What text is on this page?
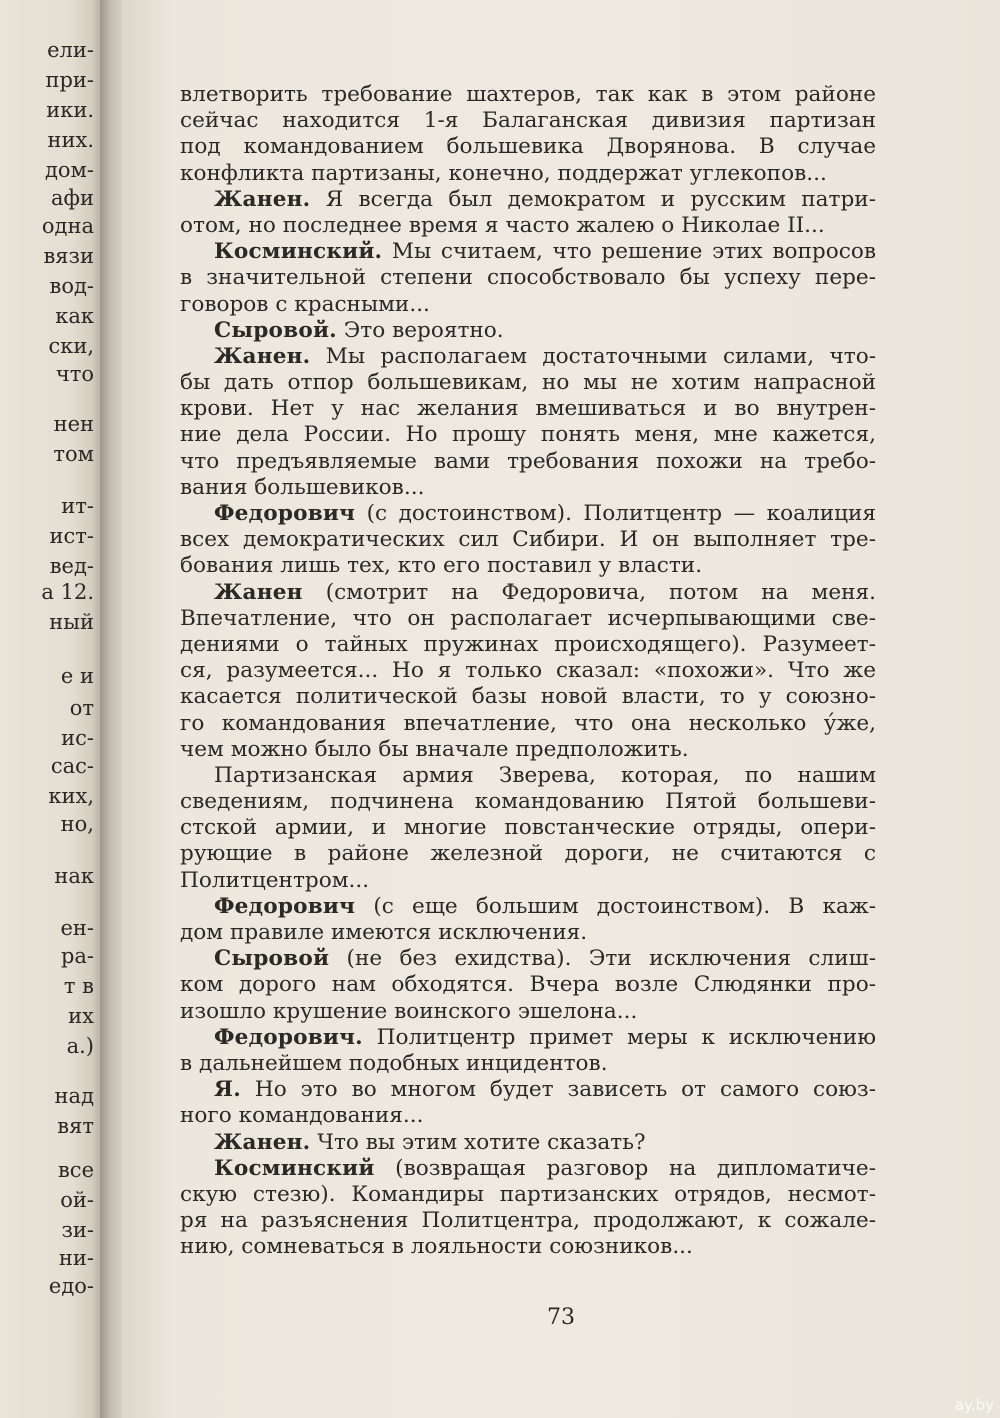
ели-
при-
ики.
них.
дом-
афи
одна
вязи
вод-
как
ски,
что
нен
том
ит-
ист-
вед-
а 12.
ный
е и
от
ис-
сас-
ких,
но,
нак
ен-
ра-
т в
их
а.)
над
вят
все
ой-
зи-
ни-
едо-
влетворить требование шахтеров, так как в этом районе
сейчас находится 1-я Балаганская дивизия партизан
под командованием большевика Дворянова. В случае
конфликта партизаны, конечно, поддержат углекопов...
Жанен. Я всегда был демократом и русским патри-
отом, но последнее время я часто жалею о Николае II...
Косминский. Мы считаем, что решение этих вопросов
в значительной степени способствовало бы успеху пере-
говоров с красными...
Сыровой. Это вероятно.
Жанен. Мы располагаем достаточными силами, что-
бы дать отпор большевикам, но мы не хотим напрасной
крови. Нет у нас желания вмешиваться и во внутрен-
ние дела России. Но прошу понять меня, мне кажется,
что предъявляемые вами требования похожи на требо-
вания большевиков...
Федорович (с достоинством). Политцентр — коалиция
всех демократических сил Сибири. И он выполняет тре-
бования лишь тех, кто его поставил у власти.
Жанен (смотрит на Федоровича, потом на меня.
Впечатление, что он располагает исчерпывающими све-
дениями о тайных пружинах происходящего). Разумеет-
ся, разумеется... Но я только сказал: «похожи». Что же
касается политической базы новой власти, то у союзно-
го командования впечатление, что она несколько у́же,
чем можно было бы вначале предположить.
Партизанская армия Зверева, которая, по нашим
сведениям, подчинена командованию Пятой большеви-
стской армии, и многие повстанческие отряды, опери-
рующие в районе железной дороги, не считаются с
Политцентром...
Федорович (с еще большим достоинством). В каж-
дом правиле имеются исключения.
Сыровой (не без ехидства). Эти исключения слиш-
ком дорого нам обходятся. Вчера возле Слюдянки про-
изошло крушение воинского эшелона...
Федорович. Политцентр примет меры к исключению
в дальнейшем подобных инцидентов.
Я. Но это во многом будет зависеть от самого союз-
ного командования...
Жанен. Что вы этим хотите сказать?
Косминский (возвращая разговор на дипломатиче-
скую стезю). Командиры партизанских отрядов, несмот-
ря на разъяснения Политцентра, продолжают, к сожале-
нию, сомневаться в лояльности союзников...
73
ay.by
